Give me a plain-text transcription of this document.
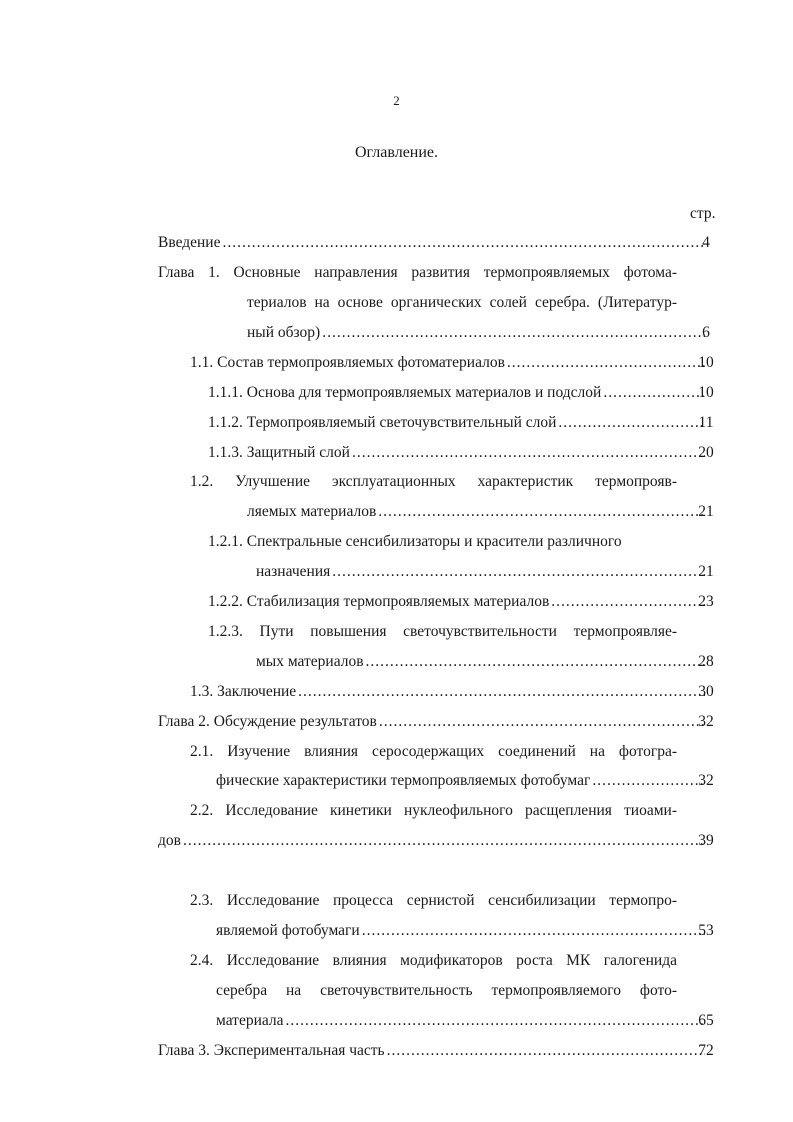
2
Оглавление.
стр.
Введение .....	4
Глава 1. Основные направления развития термопроявляемых фотома-
териалов на основе органических солей серебра. (Литератур-
ный обзор) .....	6
1.1. Состав термопроявляемых фотоматериалов .....	10
1.1.1. Основа для термопроявляемых материалов и подслой .....	10
1.1.2. Термопроявляемый светочувствительный слой .....	11
1.1.3. Защитный слой .....	20
1.2. Улучшение эксплуатационных характеристик термопрояв-
ляемых материалов .....	21
1.2.1. Спектральные сенсибилизаторы и красители различного
назначения .....	21
1.2.2. Стабилизация термопроявляемых материалов .....	23
1.2.3. Пути повышения светочувствительности термопроявляе-
мых материалов .....	28
1.3. Заключение .....	30
Глава 2. Обсуждение результатов .....	32
2.1. Изучение влияния серосодержащих соединений на фотогра-
фические характеристики термопроявляемых фотобумаг .....	32
2.2. Исследование кинетики нуклеофильного расщепления тиоами-
дов .....	39
2.3. Исследование процесса сернистой сенсибилизации термопро-
являемой фотобумаги .....	53
2.4. Исследование влияния модификаторов роста МК галогенида
серебра на светочувствительность термопроявляемого фото-
материала .....	65
Глава 3. Экспериментальная часть .....	72
